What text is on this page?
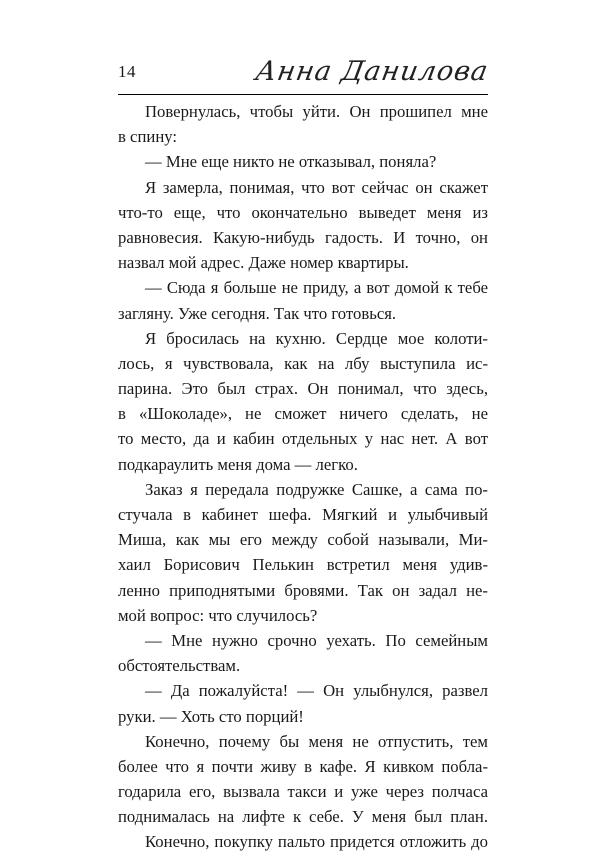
14	Анна Данилова
Повернулась, чтобы уйти. Он прошипел мне
в спину:
— Мне еще никто не отказывал, поняла?
Я замерла, понимая, что вот сейчас он скажет
что-то еще, что окончательно выведет меня из
равновесия. Какую-нибудь гадость. И точно, он
назвал мой адрес. Даже номер квартиры.
— Сюда я больше не приду, а вот домой к тебе
загляну. Уже сегодня. Так что готовься.
Я бросилась на кухню. Сердце мое колоти-
лось, я чувствовала, как на лбу выступила ис-
парина. Это был страх. Он понимал, что здесь,
в «Шоколаде», не сможет ничего сделать, не
то место, да и кабин отдельных у нас нет. А вот
подкараулить меня дома — легко.
Заказ я передала подружке Сашке, а сама по-
стучала в кабинет шефа. Мягкий и улыбчивый
Миша, как мы его между собой называли, Ми-
хаил Борисович Пелькин встретил меня удив-
ленно приподнятыми бровями. Так он задал не-
мой вопрос: что случилось?
— Мне нужно срочно уехать. По семейным
обстоятельствам.
— Да пожалуйста! — Он улыбнулся, развел
руки. — Хоть сто порций!
Конечно, почему бы меня не отпустить, тем
более что я почти живу в кафе. Я кивком побла-
годарила его, вызвала такси и уже через полчаса
поднималась на лифте к себе. У меня был план.
Конечно, покупку пальто придется отложить до
